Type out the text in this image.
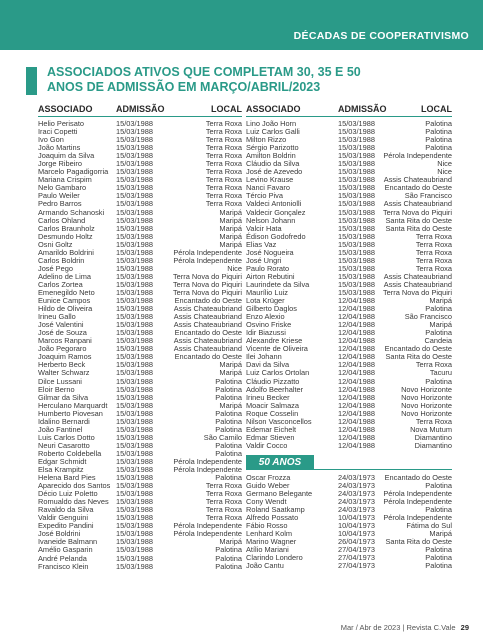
DÉCADAS DE COOPERATIVISMO
ASSOCIADOS ATIVOS QUE COMPLETAM 30, 35 E 50 ANOS DE ADMISSÃO EM MARÇO/ABRIL/2023
ASSOCIADO	ADMISSÃO	LOCAL
Helio Perisato	15/03/1988	Terra Roxa
Iraci Copetti	15/03/1988	Terra Roxa
Ivo Gon	15/03/1988	Terra Roxa
João Martins	15/03/1988	Terra Roxa
Joaquim da Silva	15/03/1988	Terra Roxa
Jorge Ribeiro	15/03/1988	Terra Roxa
Marcelo Pagadigorria 15/03/1988	Terra Roxa
Mariana Crispim	15/03/1988	Terra Roxa
Nelo Gambaro	15/03/1988	Terra Roxa
Paulo Weiler	15/03/1988	Terra Roxa
Pedro Barros	15/03/1988	Terra Roxa
Armando Schanoski 15/03/1988	Maripá
Carlos Ohland	15/03/1988	Maripá
Carlos Braunholz	15/03/1988	Maripá
Desmundo Holtz	15/03/1988	Maripá
Osni Goltz	15/03/1988	Maripá
Amarildo Boldrini	15/03/1988	Pérola Independente
Carlos Boldrin	15/03/1988	Pérola Independente
José Pego	15/03/1988	Nice
Adelino de Lima	15/03/1988	Terra Nova do Piquiri
Carlos Zortea	15/03/1988	Terra Nova do Piquiri
Emenegildo Neto	15/03/1988	Terra Nova do Piquiri
Eunice Campos	15/03/1988	Encantado do Oeste
Hildo de Oliveira	15/03/1988	Assis Chateaubriand
Irineu Gallo	15/03/1988	Assis Chateaubriand
José Valentini	15/03/1988	Assis Chateaubriand
José de Souza	15/03/1988	Encantado do Oeste
Marcos Ranpani	15/03/1988	Assis Chateaubriand
João Pegoraro	15/03/1988	Assis Chateaubriand
Joaquim Ramos	15/03/1988	Encantado do Oeste
Herberto Beck	15/03/1988	Maripá
Walter Schwarz	15/03/1988	Maripá
Dilce Lussani	15/03/1988	Palotina
Eloir Berno	15/03/1988	Palotina
Gilmar da Silva	15/03/1988	Palotina
Herculano Marquardt 15/03/1988	Maripá
Humberto Piovesan 15/03/1988	Palotina
Idalino Bernardi	15/03/1988	Palotina
João Fantinel	15/03/1988	Palotina
Luis Carlos Dotto	15/03/1988	São Camilo
Neuri Casarotto	15/03/1988	Palotina
Roberto Coldebella 15/03/1988	Palotina
Edgar Schmidt	15/03/1988	Pérola Independente
Elsa Krampitz	15/03/1988	Pérola Independente
Helena Bard Pies	15/03/1988	Palotina
Aparecido dos Santos 15/03/1988	Terra Roxa
Décio Luiz Poletto 15/03/1988	Terra Roxa
Romualdo das Neves 15/03/1988	Terra Roxa
Ravaldo da Silva	15/03/1988	Terra Roxa
Valdir Genguini	15/03/1988	Terra Roxa
Expedito Pandini	15/03/1988	Pérola Independente
José Boldrini	15/03/1988	Pérola Independente
Ivaneide Balmann	15/03/1988	Maripá
Amélio Gasparin	15/03/1988	Palotina
André Pelanda	15/03/1988	Palotina
Francisco Klein	15/03/1988	Palotina
ASSOCIADO	ADMISSÃO	LOCAL
Lino João Horn	15/03/1988	Palotina
Luiz Carlos Galli	15/03/1988	Palotina
Milton Rizzo	15/03/1988	Palotina
Sérgio Parizotto	15/03/1988	Palotina
Amilton Boldrin	15/03/1988 Pérola Independente
Cláudio da Silva	15/03/1988	Nice
José de Azevedo	15/03/1988	Nice
Levino Krause	15/03/1988 Assis Chateaubriand
Nanci Favaro	15/03/1988 Encantado do Oeste
Tércio Piva	15/03/1988	São Francisco
Valdeci Antoniolli	15/03/1988 Assis Chateaubriand
Valdecir Gonçalez	15/03/1988 Terra Nova do Piquiri
Nelson Johann	15/03/1988 Santa Rita do Oeste
Valcir Hata	15/03/1988 Santa Rita do Oeste
Édison Godofredo	15/03/1988	Terra Roxa
Elias Vaz	15/03/1988	Terra Roxa
José Nogueira	15/03/1988	Terra Roxa
José Ungri	15/03/1988	Terra Roxa
Paulo Rorato	15/03/1988	Terra Roxa
Airton Rebutini	15/03/1988 Assis Chateaubriand
Laurindete da Silva	15/03/1988 Assis Chateaubriand
Maurílio Luiz	15/03/1988 Terra Nova do Piquiri
Lota Krüger	12/04/1988	Maripá
Gilberto Daglos	12/04/1988	Palotina
Enzo Alexio	12/04/1988	São Francisco
Osvino Friske	12/04/1988	Maripá
Idir Biazussi	12/04/1988	Palotina
Alexandre Kriese	12/04/1988	Candeia
Vicente de Oliveira	12/04/1988 Encantado do Oeste
Ilei Johann	12/04/1988 Santa Rita do Oeste
Davi da Silva	12/04/1988	Terra Roxa
Luiz Carlos Ortolan	12/04/1988	Tacuru
Cláudio Pizzatto	12/04/1988	Palotina
Adolfo Beerhalter	12/04/1988	Novo Horizonte
Irineu Becker	12/04/1988	Novo Horizonte
Moacir Salmaza	12/04/1988	Novo Horizonte
Roque Cosselin	12/04/1988	Novo Horizonte
Nilson Vasconcellos	12/04/1988	Terra Roxa
Edemar Eichelt	12/04/1988	Nova Mutum
Edmar Stieven	12/04/1988	Diamantino
Valdir Cocco	12/04/1988	Diamantino
50 ANOS
Oscar Frozza	24/03/1973 Encantado do Oeste
Guido Weber	24/03/1973	Palotina
Germano Belegante	24/03/1973 Pérola Independente
Cony Wendt	24/03/1973 Pérola Independente
Roland Saatkamp	24/03/1973	Palotina
Alfredo Possato	10/04/1973 Pérola Independente
Fábio Rosso	10/04/1973	Fátima do Sul
Lenhard Kolm	10/04/1973	Maripá
Marino Wagner	26/04/1973 Santa Rita do Oeste
Atílio Mariani	27/04/1973	Palotina
Clarindo Londero	27/04/1973	Palotina
João Cantu	27/04/1973	Palotina
Mar / Abr de 2023 | Revista C.Vale 29
